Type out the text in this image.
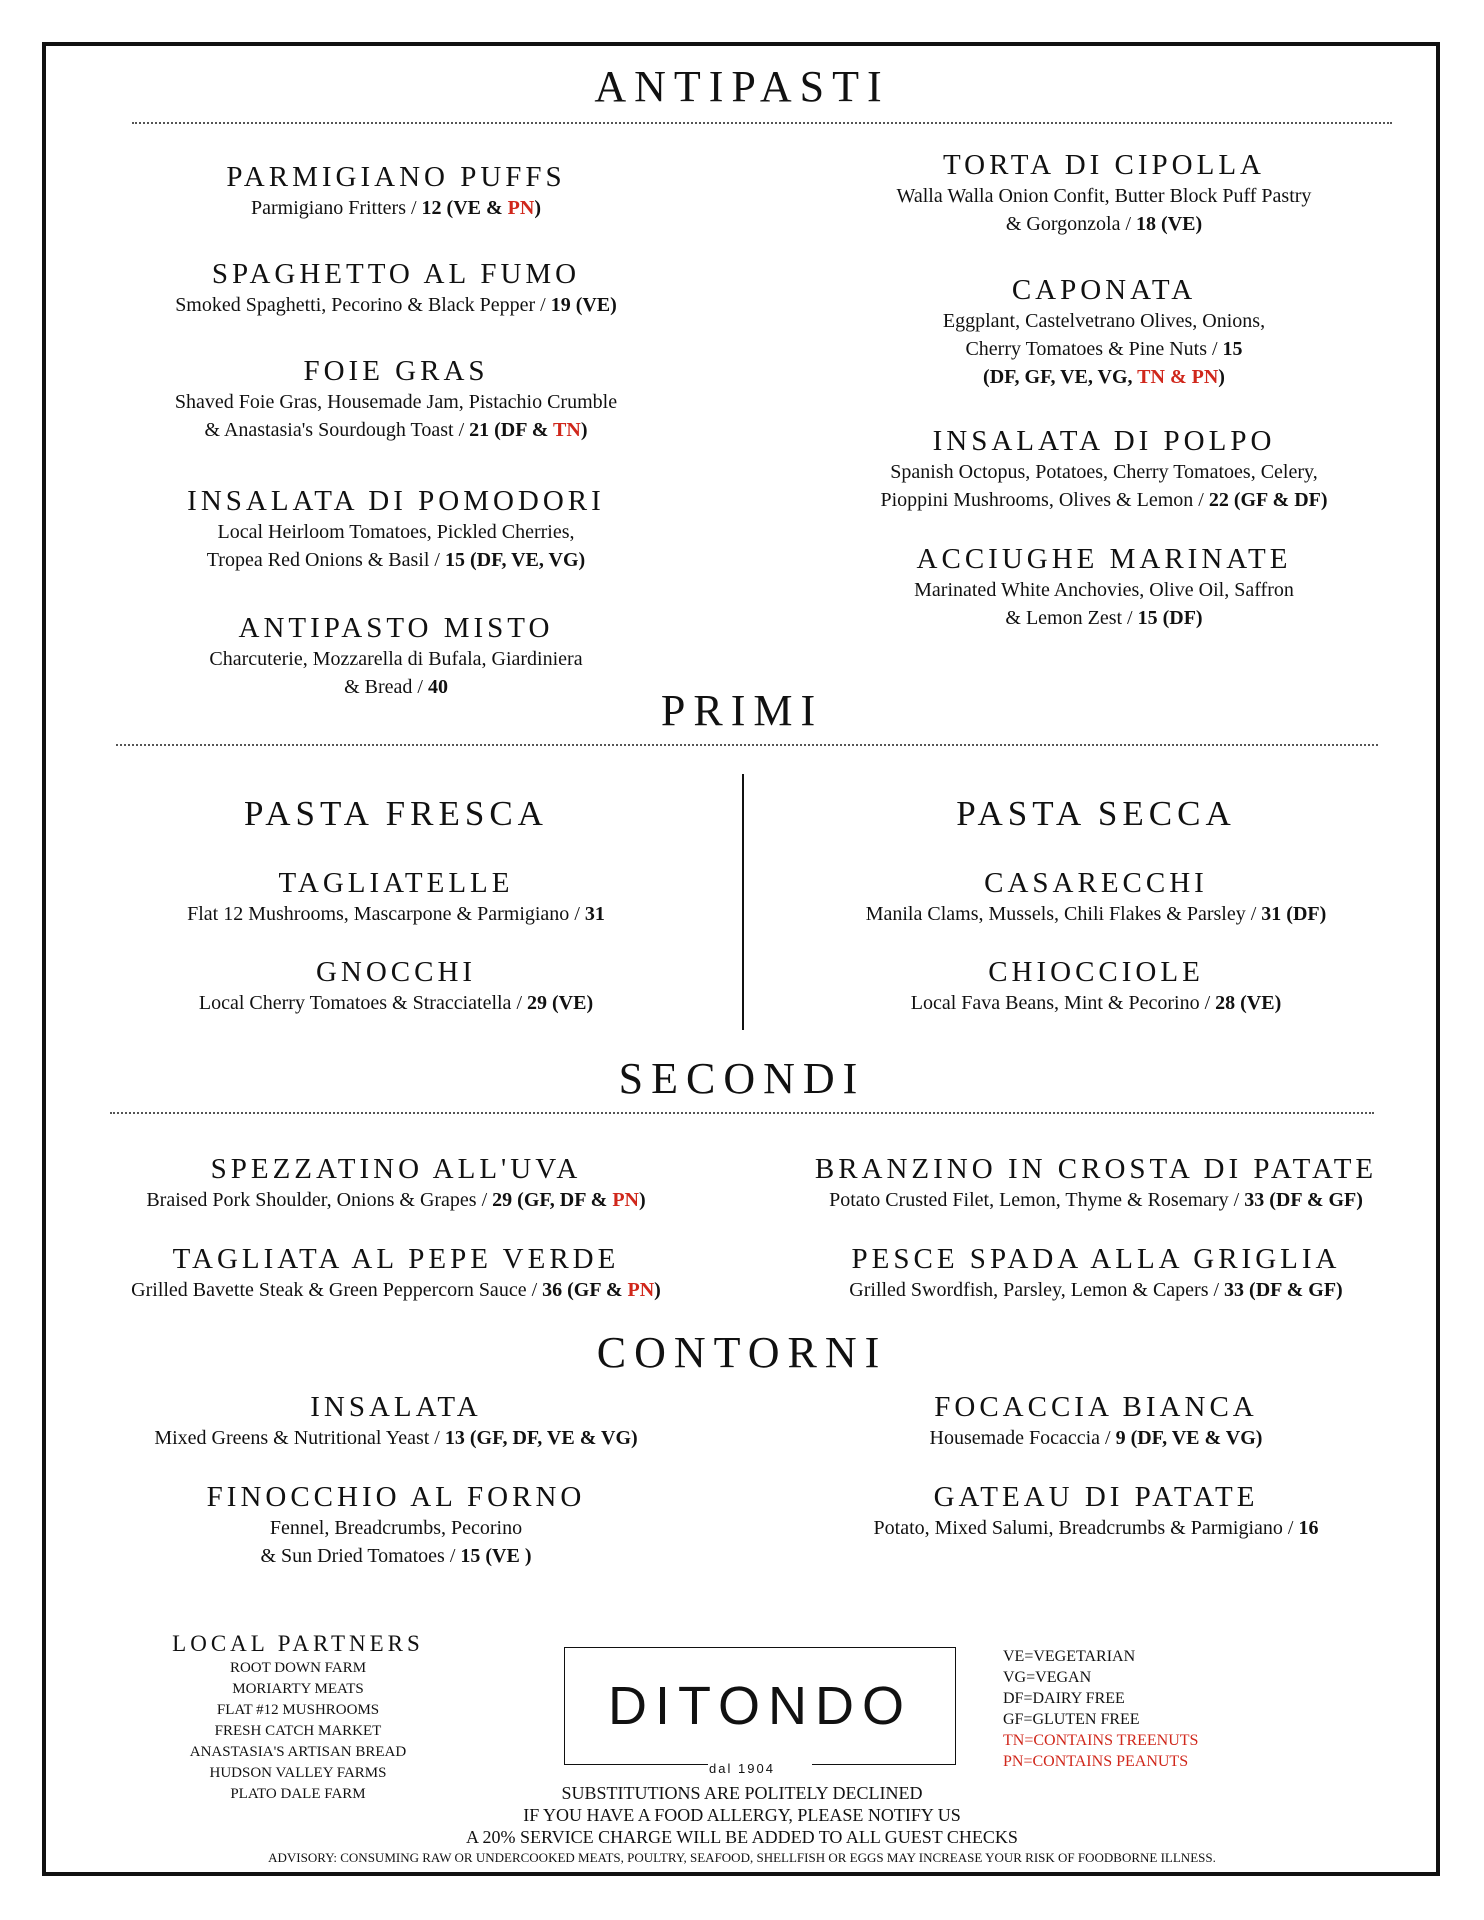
ANTIPASTI
PARMIGIANO PUFFS
Parmigiano Fritters / 12 (VE & PN)
SPAGHETTO AL FUMO
Smoked Spaghetti, Pecorino & Black Pepper / 19 (VE)
FOIE GRAS
Shaved Foie Gras, Housemade Jam, Pistachio Crumble
& Anastasia's Sourdough Toast / 21 (DF & TN)
INSALATA DI POMODORI
Local Heirloom Tomatoes, Pickled Cherries,
Tropea Red Onions & Basil / 15 (DF, VE, VG)
ANTIPASTO MISTO
Charcuterie, Mozzarella di Bufala, Giardiniera
& Bread / 40
TORTA DI CIPOLLA
Walla Walla Onion Confit, Butter Block Puff Pastry
& Gorgonzola / 18 (VE)
CAPONATA
Eggplant, Castelvetrano Olives, Onions,
Cherry Tomatoes & Pine Nuts / 15
(DF, GF, VE, VG, TN & PN)
INSALATA DI POLPO
Spanish Octopus, Potatoes, Cherry Tomatoes, Celery,
Pioppini Mushrooms, Olives & Lemon / 22 (GF & DF)
ACCIUGHE MARINATE
Marinated White Anchovies, Olive Oil, Saffron
& Lemon Zest / 15 (DF)
PRIMI
PASTA FRESCA
TAGLIATELLE
Flat 12 Mushrooms, Mascarpone & Parmigiano / 31
GNOCCHI
Local Cherry Tomatoes & Stracciatella / 29 (VE)
PASTA SECCA
CASARECCHI
Manila Clams, Mussels, Chili Flakes & Parsley / 31 (DF)
CHIOCCIOLE
Local Fava Beans, Mint & Pecorino / 28 (VE)
SECONDI
SPEZZATINO ALL'UVA
Braised Pork Shoulder, Onions & Grapes / 29 (GF, DF & PN)
TAGLIATA AL PEPE VERDE
Grilled Bavette Steak & Green Peppercorn Sauce / 36 (GF & PN)
BRANZINO IN CROSTA DI PATATE
Potato Crusted Filet, Lemon, Thyme & Rosemary / 33 (DF & GF)
PESCE SPADA ALLA GRIGLIA
Grilled Swordfish, Parsley, Lemon & Capers / 33 (DF & GF)
CONTORNI
INSALATA
Mixed Greens & Nutritional Yeast / 13 (GF, DF, VE & VG)
FINOCCHIO AL FORNO
Fennel, Breadcrumbs, Pecorino
& Sun Dried Tomatoes / 15 (VE )
FOCACCIA BIANCA
Housemade Focaccia / 9 (DF, VE & VG)
GATEAU DI PATATE
Potato, Mixed Salumi, Breadcrumbs & Parmigiano / 16
LOCAL PARTNERS
ROOT DOWN FARM
MORIARTY MEATS
FLAT #12 MUSHROOMS
FRESH CATCH MARKET
ANASTASIA'S ARTISAN BREAD
HUDSON VALLEY FARMS
PLATO DALE FARM
DITONDO
dal 1904
VE=VEGETARIAN
VG=VEGAN
DF=DAIRY FREE
GF=GLUTEN FREE
TN=CONTAINS TREENUTS
PN=CONTAINS PEANUTS
SUBSTITUTIONS ARE POLITELY DECLINED
IF YOU HAVE A FOOD ALLERGY, PLEASE NOTIFY US
A 20% SERVICE CHARGE WILL BE ADDED TO ALL GUEST CHECKS
ADVISORY: CONSUMING RAW OR UNDERCOOKED MEATS, POULTRY, SEAFOOD, SHELLFISH OR EGGS MAY INCREASE YOUR RISK OF FOODBORNE ILLNESS.
